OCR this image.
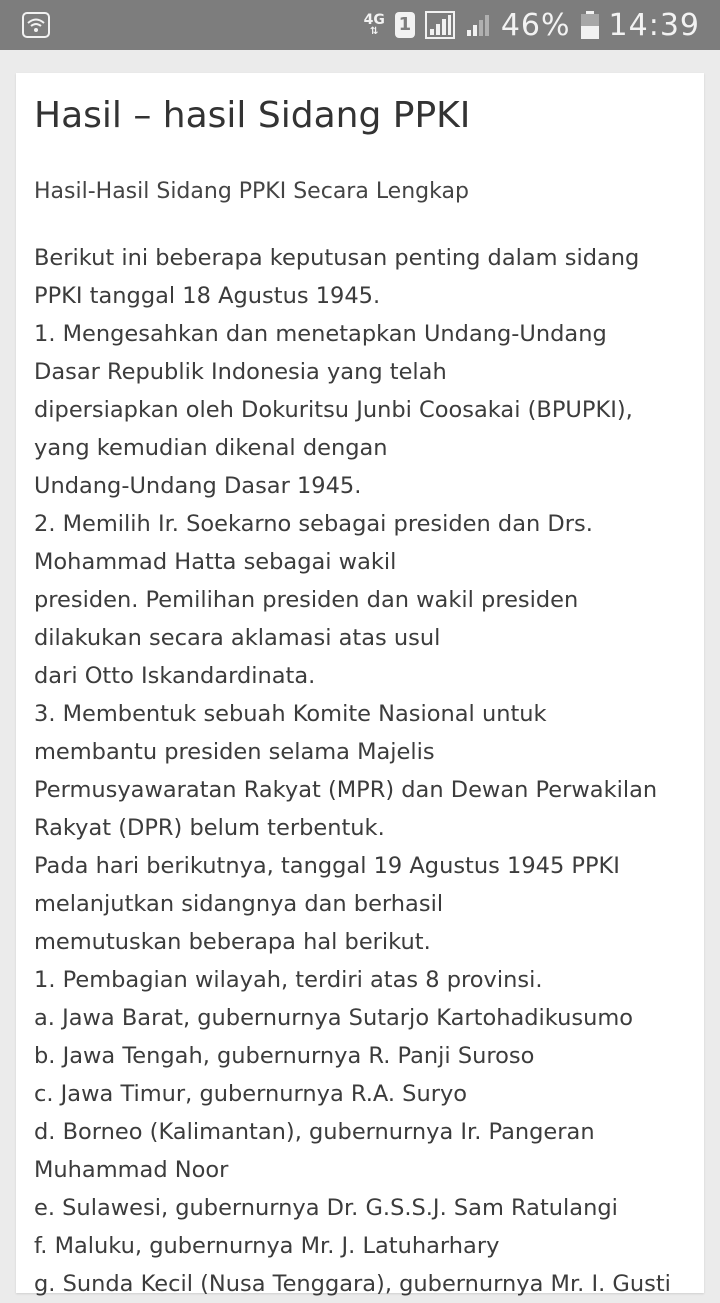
4G
⇅ 1	46% 14:39
Hasil – hasil Sidang PPKI
Hasil-Hasil Sidang PPKI Secara Lengkap
Berikut ini beberapa keputusan penting dalam sidang
PPKI tanggal 18 Agustus 1945.
1. Mengesahkan dan menetapkan Undang-Undang
Dasar Republik Indonesia yang telah
dipersiapkan oleh Dokuritsu Junbi Coosakai (BPUPKI),
yang kemudian dikenal dengan
Undang-Undang Dasar 1945.
2. Memilih Ir. Soekarno sebagai presiden dan Drs.
Mohammad Hatta sebagai wakil
presiden. Pemilihan presiden dan wakil presiden
dilakukan secara aklamasi atas usul
dari Otto Iskandardinata.
3. Membentuk sebuah Komite Nasional untuk
membantu presiden selama Majelis
Permusyawaratan Rakyat (MPR) dan Dewan Perwakilan
Rakyat (DPR) belum terbentuk.
Pada hari berikutnya, tanggal 19 Agustus 1945 PPKI
melanjutkan sidangnya dan berhasil
memutuskan beberapa hal berikut.
1. Pembagian wilayah, terdiri atas 8 provinsi.
a. Jawa Barat, gubernurnya Sutarjo Kartohadikusumo
b. Jawa Tengah, gubernurnya R. Panji Suroso
c. Jawa Timur, gubernurnya R.A. Suryo
d. Borneo (Kalimantan), gubernurnya Ir. Pangeran
Muhammad Noor
e. Sulawesi, gubernurnya Dr. G.S.S.J. Sam Ratulangi
f. Maluku, gubernurnya Mr. J. Latuharhary
g. Sunda Kecil (Nusa Tenggara), gubernurnya Mr. I. Gusti
